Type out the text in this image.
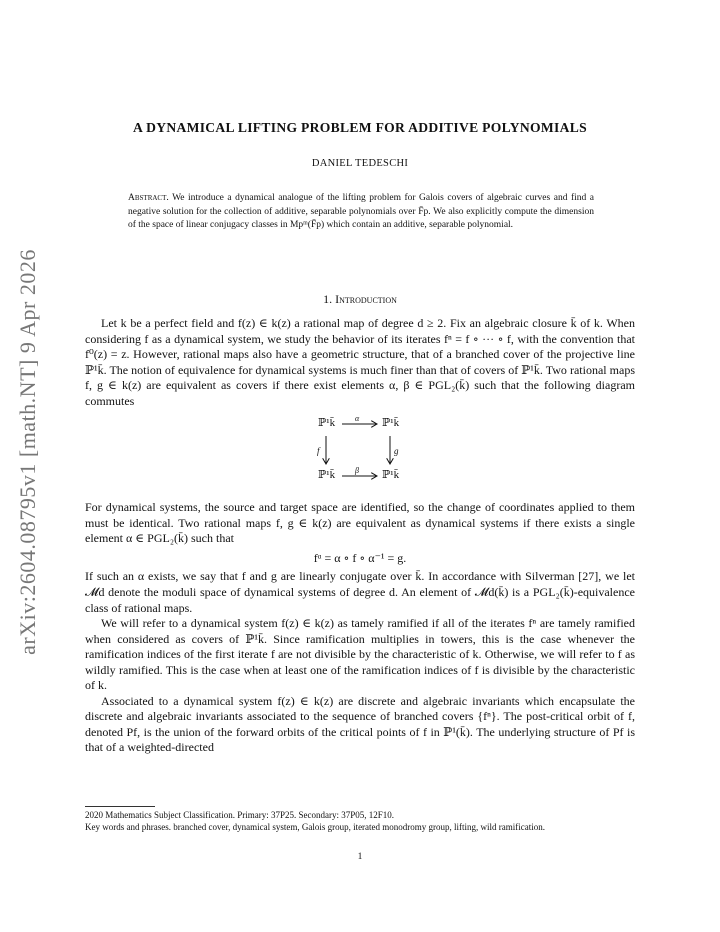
arXiv:2604.08795v1 [math.NT] 9 Apr 2026
A DYNAMICAL LIFTING PROBLEM FOR ADDITIVE POLYNOMIALS
DANIEL TEDESCHI
Abstract. We introduce a dynamical analogue of the lifting problem for Galois covers of algebraic curves and find a negative solution for the collection of additive, separable polynomials over F̄p. We also explicitly compute the dimension of the space of linear conjugacy classes in Mpᵐ(F̄p) which contain an additive, separable polynomial.
1. Introduction

Let k be a perfect field and f(z) ∈ k(z) a rational map of degree d ≥ 2. Fix an algebraic closure k̄ of k. When considering f as a dynamical system, we study the behavior of its iterates fⁿ = f ∘ ··· ∘ f, with the convention that f⁰(z) = z. However, rational maps also have a geometric structure, that of a branched cover of the projective line ℙ¹k̄. The notion of equivalence for dynamical systems is much finer than that of covers of ℙ¹k̄. Two rational maps f, g ∈ k(z) are equivalent as covers if there exist elements α, β ∈ PGL₂(k̄) such that the following diagram commutes

ℙ¹k̄	ℙ¹k̄
ℙ¹k̄	ℙ¹k̄
α
β
f	g

For dynamical systems, the source and target space are identified, so the change of coordinates applied to them must be identical. Two rational maps f, g ∈ k(z) are equivalent as dynamical systems if there exists a single element α ∈ PGL₂(k̄) such that

fᵅ = α ∘ f ∘ α⁻¹ = g.

If such an α exists, we say that f and g are linearly conjugate over k̄. In accordance with Silverman [27], we let 𝓜d denote the moduli space of dynamical systems of degree d. An element of 𝓜d(k̄) is a PGL₂(k̄)-equivalence class of rational maps.

We will refer to a dynamical system f(z) ∈ k(z) as tamely ramified if all of the iterates fⁿ are tamely ramified when considered as covers of ℙ¹k̄. Since ramification multiplies in towers, this is the case whenever the ramification indices of the first iterate f are not divisible by the characteristic of k. Otherwise, we will refer to f as wildly ramified. This is the case when at least one of the ramification indices of f is divisible by the characteristic of k.

Associated to a dynamical system f(z) ∈ k(z) are discrete and algebraic invariants which encapsulate the discrete and algebraic invariants associated to the sequence of branched covers {fⁿ}. The post-critical orbit of f, denoted Pf, is the union of the forward orbits of the critical points of f in ℙ¹(k̄). The underlying structure of Pf is that of a weighted-directed

2020 Mathematics Subject Classification. Primary: 37P25. Secondary: 37P05, 12F10.

Key words and phrases. branched cover, dynamical system, Galois group, iterated monodromy group, lifting, wild ramification.

1
